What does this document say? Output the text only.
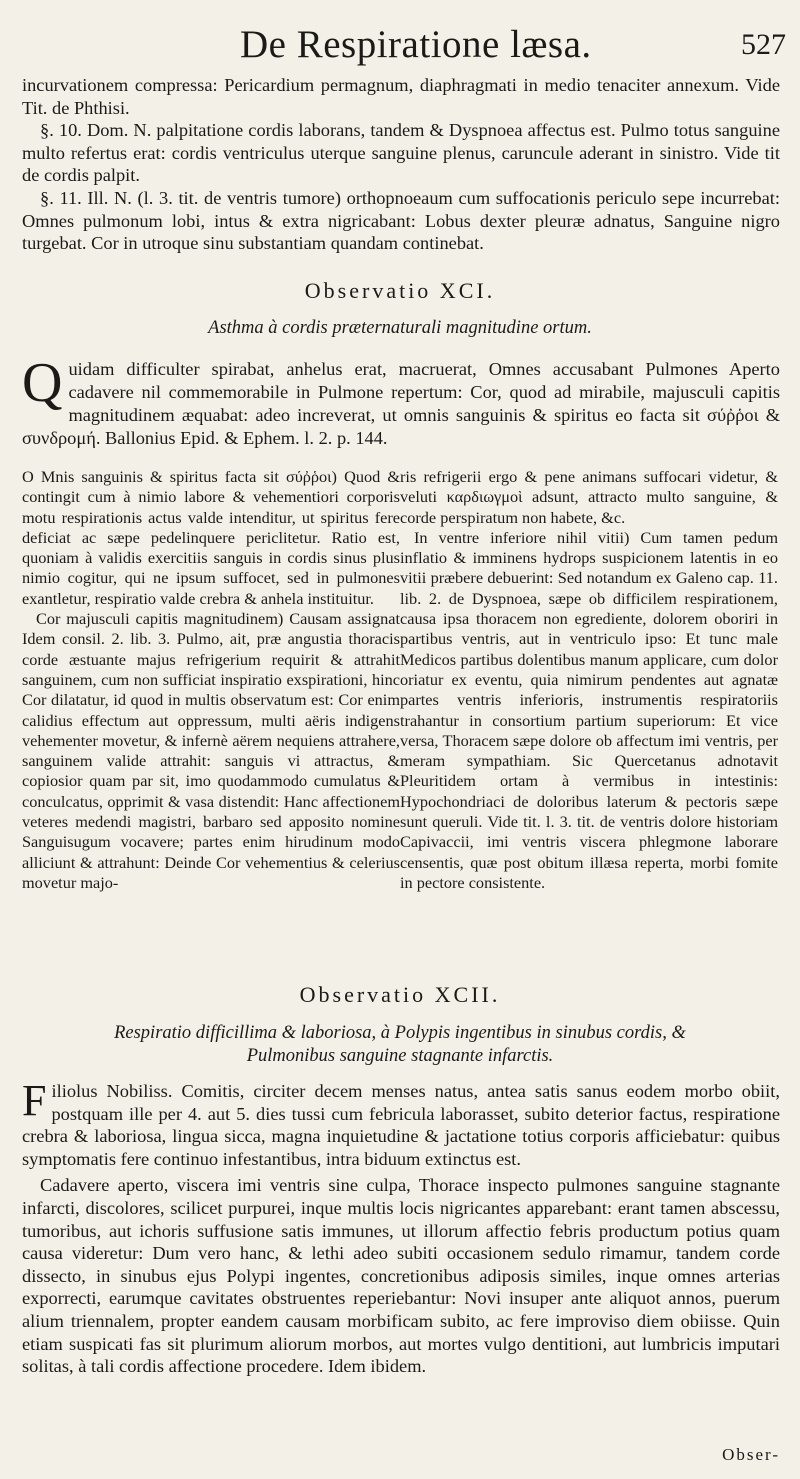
De Respiratione læsa.	527

incurvationem compressa: Pericardium permagnum, diaphragmati in medio tenaciter annexum. Vide Tit. de Phthisi.

§. 10. Dom. N. palpitatione cordis laborans, tandem & Dyspnoea affectus est. Pulmo totus sanguine multo refertus erat: cordis ventriculus uterque sanguine plenus, caruncule aderant in sinistro. Vide tit de cordis palpit.

§. 11. Ill. N. (l. 3. tit. de ventris tumore) orthopnoeaum cum suffocationis periculo sepe incurrebat: Omnes pulmonum lobi, intus & extra nigricabant: Lobus dexter pleuræ adnatus, Sanguine nigro turgebat. Cor in utroque sinu substantiam quandam continebat.

Observatio XCI.
Asthma à cordis præternaturali magnitudine ortum.
Q uidam difficulter spirabat, anhelus erat, macruerat, Omnes accusabant Pulmones Aperto cadavere nil commemorabile in Pulmone repertum: Cor, quod ad mirabile, majusculi capitis magnitudinem æquabat: adeo increverat, ut omnis sanguinis & spiritus eo facta sit σύῤῥοι & συνδρομή. Ballonius Epid. & Ephem. l. 2. p. 144.

O Mnis sanguinis & spiritus facta sit σύῤῥοι) Quod & contingit cum à nimio labore & vehementiori corporis motu respirationis actus valde intenditur, ut spiritus fere deficiat ac sæpe pedelinquere periclitetur. Ratio est, quoniam à validis exercitiis sanguis in cordis sinus plus nimio cogitur, qui ne ipsum suffocet, sed in pulmones exantletur, respiratio valde crebra & anhela instituitur.

Cor majusculi capitis magnitudinem) Causam assignat Idem consil. 2. lib. 3. Pulmo, ait, præ angustia thoracis corde æstuante majus refrigerium requirit & attrahit sanguinem, cum non sufficiat inspiratio exspirationi, hinc Cor dilatatur, id quod in multis observatum est: Cor enim calidius effectum aut oppressum, multi aëris indigens vehementer movetur, & infernè aërem nequiens attrahere, sanguinem valide attrahit: sanguis vi attractus, & copiosior quam par sit, imo quodammodo cumulatus & conculcatus, opprimit & vasa distendit: Hanc affectionem veteres medendi magistri, barbaro sed apposito nomine Sanguisugum vocavere; partes enim hirudinum modo alliciunt & attrahunt: Deinde Cor vehementius & celerius movetur majo-

ris refrigerii ergo & pene animans suffocari videtur, & veluti καρδιωγμοὶ adsunt, attracto multo sanguine, & corde perspiratum non habete, &c.

In ventre inferiore nihil vitii) Cum tamen pedum inflatio & imminens hydrops suspicionem latentis in eo vitii præbere debuerint: Sed notandum ex Galeno cap. 11. lib. 2. de Dyspnoea, sæpe ob difficilem respirationem, causa ipsa thoracem non egrediente, dolorem oboriri in partibus ventris, aut in ventriculo ipso: Et tunc male Medicos partibus dolentibus manum applicare, cum dolor oriatur ex eventu, quia nimirum pendentes aut agnatæ partes ventris inferioris, instrumentis respiratoriis trahantur in consortium partium superiorum: Et vice versa, Thoracem sæpe dolore ob affectum imi ventris, per meram sympathiam. Sic Quercetanus adnotavit Pleuritidem ortam à vermibus in intestinis: Hypochondriaci de doloribus laterum & pectoris sæpe sunt queruli. Vide tit. l. 3. tit. de ventris dolore historiam Capivaccii, imi ventris viscera phlegmone laborare censentis, quæ post obitum illæsa reperta, morbi fomite in pectore consistente.

Observatio XCII.
Respiratio difficillima & laboriosa, à Polypis ingentibus in sinubus cordis, & Pulmonibus sanguine stagnante infarctis.

F iliolus Nobiliss. Comitis, circiter decem menses natus, antea satis sanus eodem morbo obiit, postquam ille per 4. aut 5. dies tussi cum febricula laborasset, subito deterior factus, respiratione crebra & laboriosa, lingua sicca, magna inquietudine & jactatione totius corporis afficiebatur: quibus symptomatis fere continuo infestantibus, intra biduum extinctus est.

Cadavere aperto, viscera imi ventris sine culpa, Thorace inspecto pulmones sanguine stagnante infarcti, discolores, scilicet purpurei, inque multis locis nigricantes apparebant: erant tamen abscessu, tumoribus, aut ichoris suffusione satis immunes, ut illorum affectio febris productum potius quam causa videretur: Dum vero hanc, & lethi adeo subiti occasionem sedulo rimamur, tandem corde dissecto, in sinubus ejus Polypi ingentes, concretionibus adiposis similes, inque omnes arterias exporrecti, earumque cavitates obstruentes reperiebantur: Novi insuper ante aliquot annos, puerum alium triennalem, propter eandem causam morbificam subito, ac fere improviso diem obiisse. Quin etiam suspicati fas sit plurimum aliorum morbos, aut mortes vulgo dentitioni, aut lumbricis imputari solitas, à tali cordis affectione procedere. Idem ibidem.

Obser-
